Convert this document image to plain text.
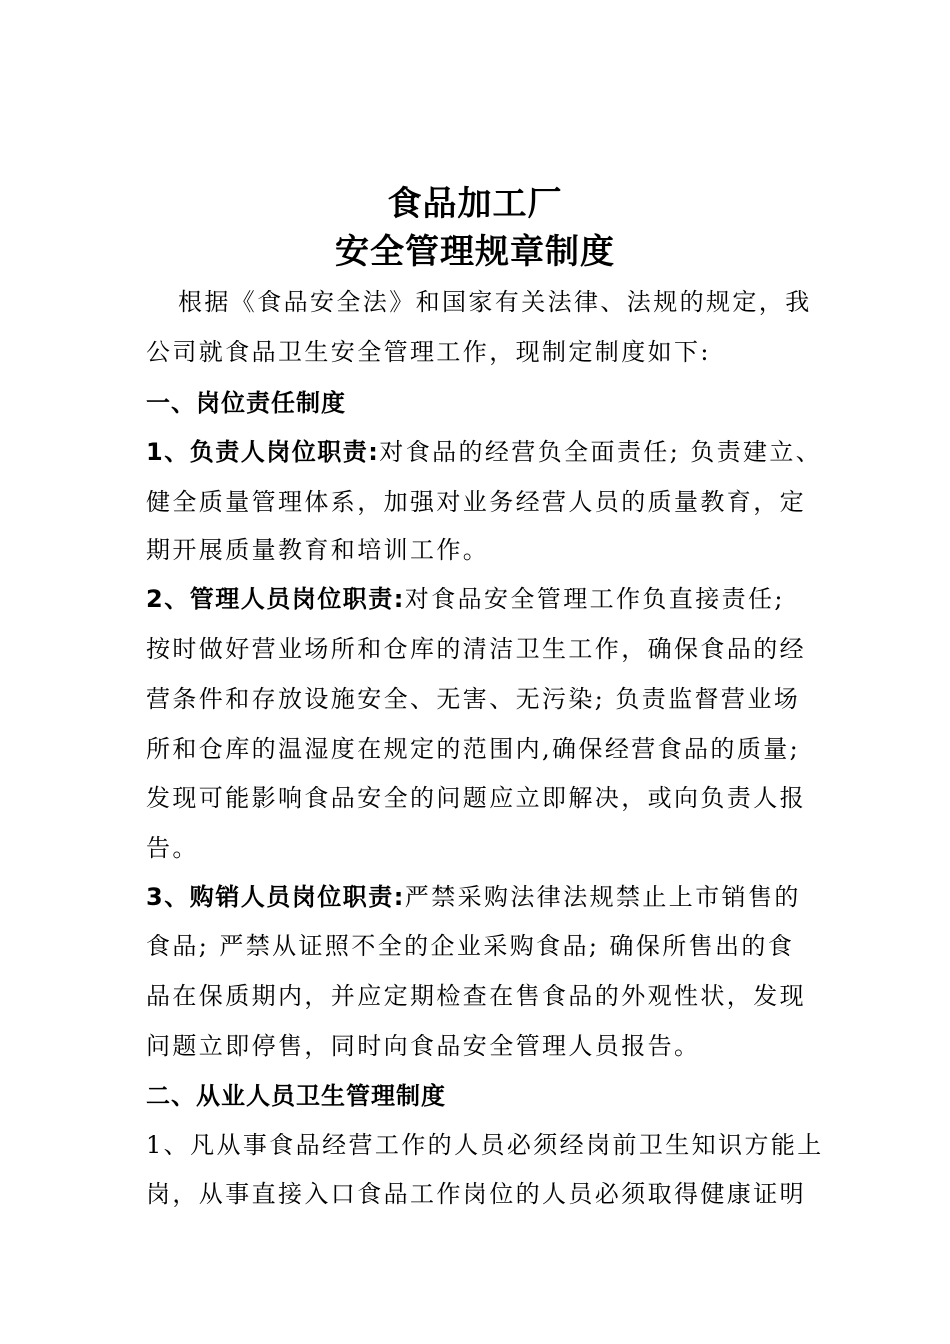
食品加工厂
安全管理规章制度
根据《食品安全法》和国家有关法律、法规的规定，我
公司就食品卫生安全管理工作，现制定制度如下:
一、岗位责任制度
1、负责人岗位职责:对食品的经营负全面责任; 负责建立、
健全质量管理体系，加强对业务经营人员的质量教育，定
期开展质量教育和培训工作。
2、管理人员岗位职责:对食品安全管理工作负直接责任;
按时做好营业场所和仓库的清洁卫生工作，确保食品的经
营条件和存放设施安全、无害、无污染; 负责监督营业场
所和仓库的温湿度在规定的范围内,确保经营食品的质量;
发现可能影响食品安全的问题应立即解决，或向负责人报
告。
3、购销人员岗位职责:严禁采购法律法规禁止上市销售的
食品; 严禁从证照不全的企业采购食品; 确保所售出的食
品在保质期内，并应定期检查在售食品的外观性状，发现
问题立即停售，同时向食品安全管理人员报告。
二、从业人员卫生管理制度
1、凡从事食品经营工作的人员必须经岗前卫生知识方能上
岗，从事直接入口食品工作岗位的人员必须取得健康证明
